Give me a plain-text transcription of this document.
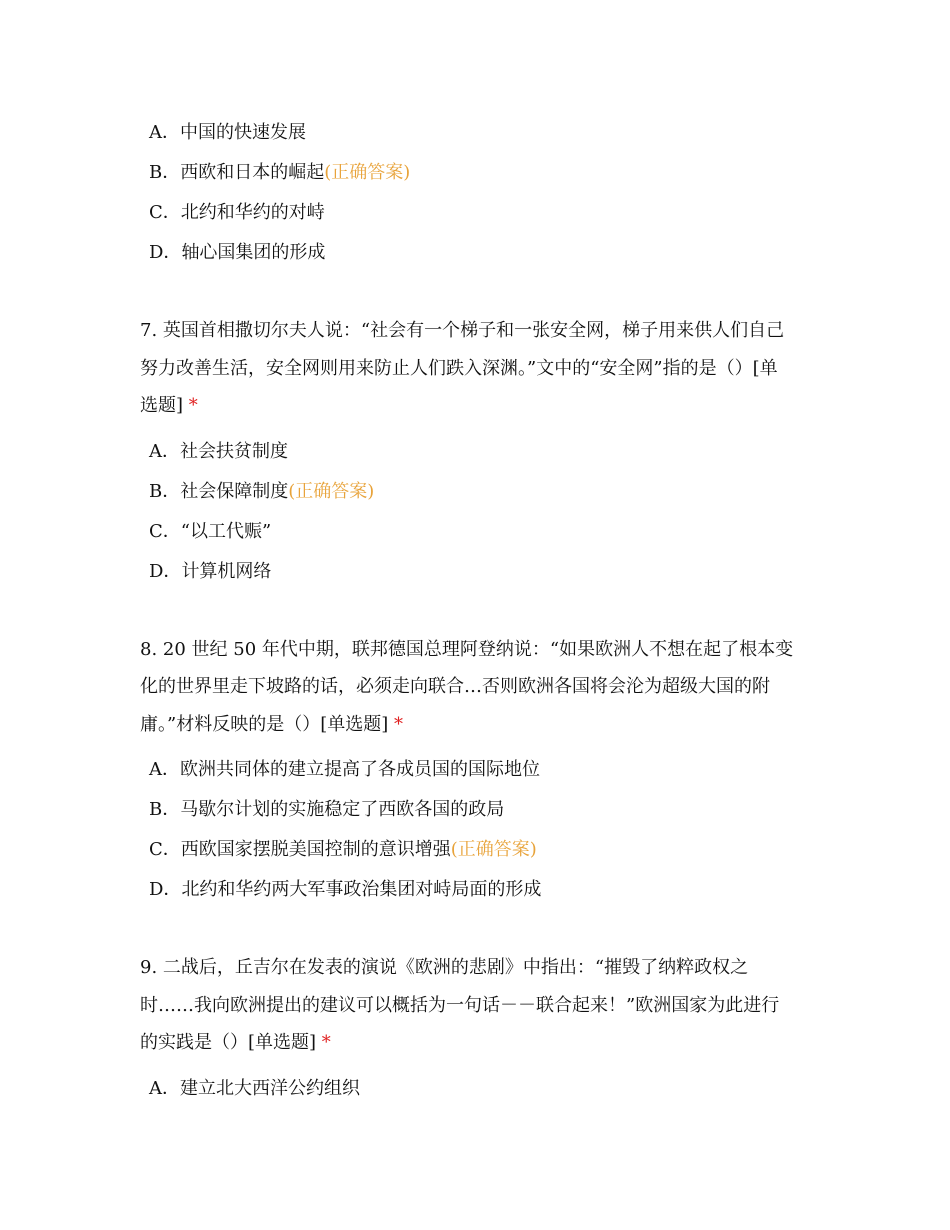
A．中国的快速发展
B．西欧和日本的崛起(正确答案)
C．北约和华约的对峙
D．轴心国集团的形成
7. 英国首相撒切尔夫人说：“社会有一个梯子和一张安全网，梯子用来供人们自己
努力改善生活，安全网则用来防止人们跌入深渊。”文中的“安全网”指的是（）[单
选题] *
A．社会扶贫制度
B．社会保障制度(正确答案)
C．“以工代赈”
D．计算机网络
8. 20 世纪 50 年代中期，联邦德国总理阿登纳说：“如果欧洲人不想在起了根本变
化的世界里走下坡路的话，必须走向联合…否则欧洲各国将会沦为超级大国的附
庸。”材料反映的是（）[单选题] *
A．欧洲共同体的建立提高了各成员国的国际地位
B．马歇尔计划的实施稳定了西欧各国的政局
C．西欧国家摆脱美国控制的意识增强(正确答案)
D．北约和华约两大军事政治集团对峙局面的形成
9. 二战后，丘吉尔在发表的演说《欧洲的悲剧》中指出：“摧毁了纳粹政权之
时……我向欧洲提出的建议可以概括为一句话－－联合起来！”欧洲国家为此进行
的实践是（）[单选题] *
A．建立北大西洋公约组织
